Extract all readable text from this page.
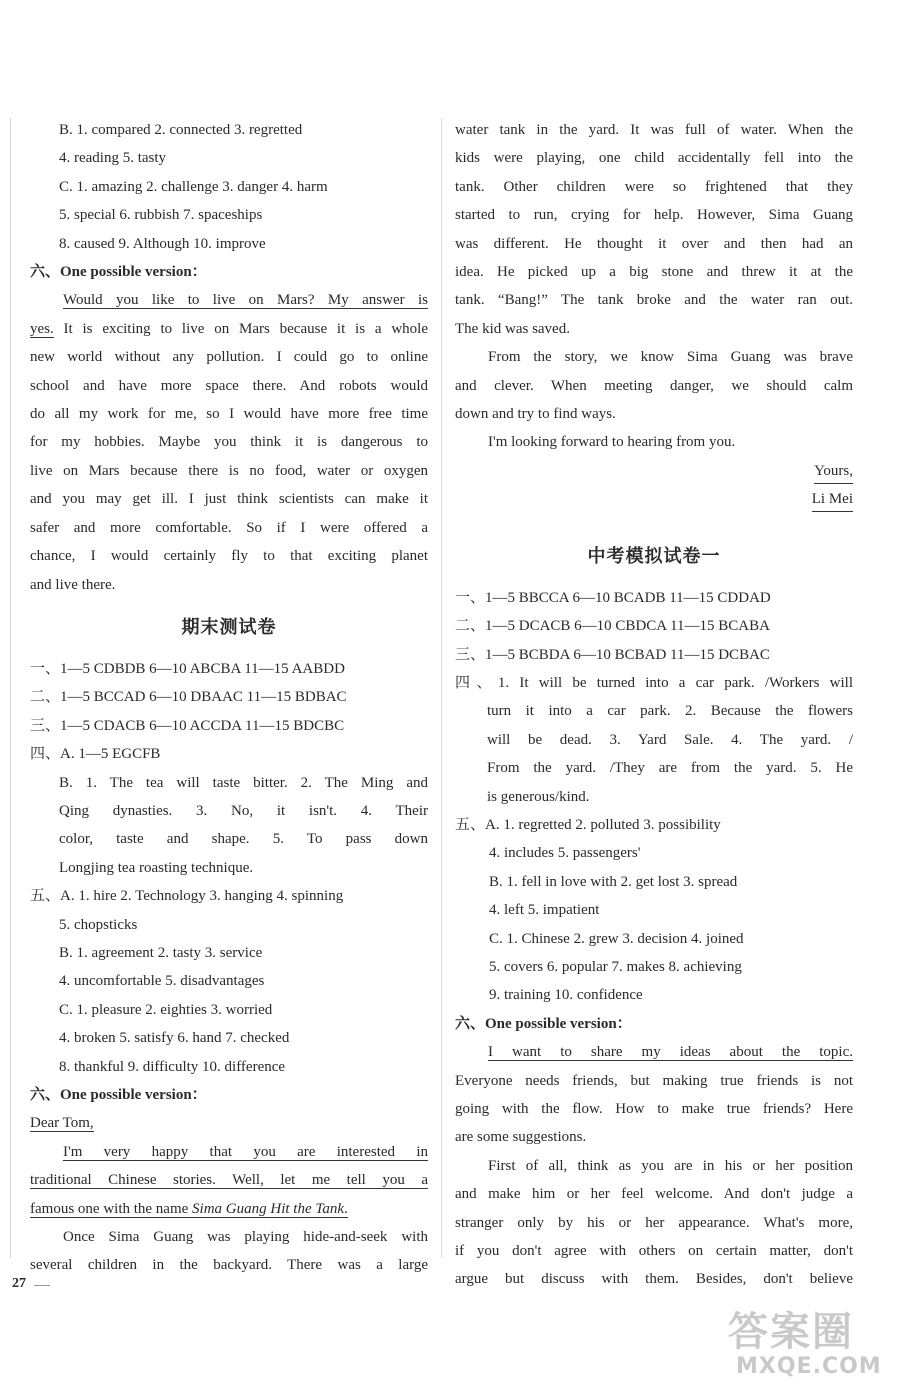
B. 1. compared 2. connected 3. regretted
4. reading 5. tasty
C. 1. amazing 2. challenge 3. danger 4. harm
5. special 6. rubbish 7. spaceships
8. caused 9. Although 10. improve
六、One possible version：
Would you like to live on Mars? My answer is
yes. It is exciting to live on Mars because it is a whole
new world without any pollution. I could go to online
school and have more space there. And robots would
do all my work for me, so I would have more free time
for my hobbies. Maybe you think it is dangerous to
live on Mars because there is no food, water or oxygen
and you may get ill. I just think scientists can make it
safer and more comfortable. So if I were offered a
chance, I would certainly fly to that exciting planet
and live there.
期末测试卷
一、1—5 CDBDB 6—10 ABCBA 11—15 AABDD
二、1—5 BCCAD 6—10 DBAAC 11—15 BDBAC
三、1—5 CDACB 6—10 ACCDA 11—15 BDCBC
四、A. 1—5 EGCFB
B. 1. The tea will taste bitter. 2. The Ming and
Qing dynasties. 3. No, it isn't. 4. Their
color, taste and shape. 5. To pass down
Longjing tea roasting technique.
五、A. 1. hire 2. Technology 3. hanging 4. spinning
5. chopsticks
B. 1. agreement 2. tasty 3. service
4. uncomfortable 5. disadvantages
C. 1. pleasure 2. eighties 3. worried
4. broken 5. satisfy 6. hand 7. checked
8. thankful 9. difficulty 10. difference
六、One possible version：
Dear Tom,
I'm very happy that you are interested in
traditional Chinese stories. Well, let me tell you a
famous one with the name Sima Guang Hit the Tank.
Once Sima Guang was playing hide-and-seek with
several children in the backyard. There was a large
water tank in the yard. It was full of water. When the
kids were playing, one child accidentally fell into the
tank. Other children were so frightened that they
started to run, crying for help. However, Sima Guang
was different. He thought it over and then had an
idea. He picked up a big stone and threw it at the
tank. “Bang!” The tank broke and the water ran out.
The kid was saved.
From the story, we know Sima Guang was brave
and clever. When meeting danger, we should calm
down and try to find ways.
I'm looking forward to hearing from you.
Yours,
Li Mei
中考模拟试卷一
一、1—5 BBCCA 6—10 BCADB 11—15 CDDAD
二、1—5 DCACB 6—10 CBDCA 11—15 BCABA
三、1—5 BCBDA 6—10 BCBAD 11—15 DCBAC
四、1. It will be turned into a car park. /Workers will
turn it into a car park. 2. Because the flowers
will be dead. 3. Yard Sale. 4. The yard. /
From the yard. /They are from the yard. 5. He
is generous/kind.
五、A. 1. regretted 2. polluted 3. possibility
4. includes 5. passengers'
B. 1. fell in love with 2. get lost 3. spread
4. left 5. impatient
C. 1. Chinese 2. grew 3. decision 4. joined
5. covers 6. popular 7. makes 8. achieving
9. training 10. confidence
六、One possible version：
I want to share my ideas about the topic.
Everyone needs friends, but making true friends is not
going with the flow. How to make true friends? Here
are some suggestions.
First of all, think as you are in his or her position
and make him or her feel welcome. And don't judge a
stranger only by his or her appearance. What's more,
if you don't agree with others on certain matter, don't
argue but discuss with them. Besides, don't believe
27
答案圈
MXQE.COM
